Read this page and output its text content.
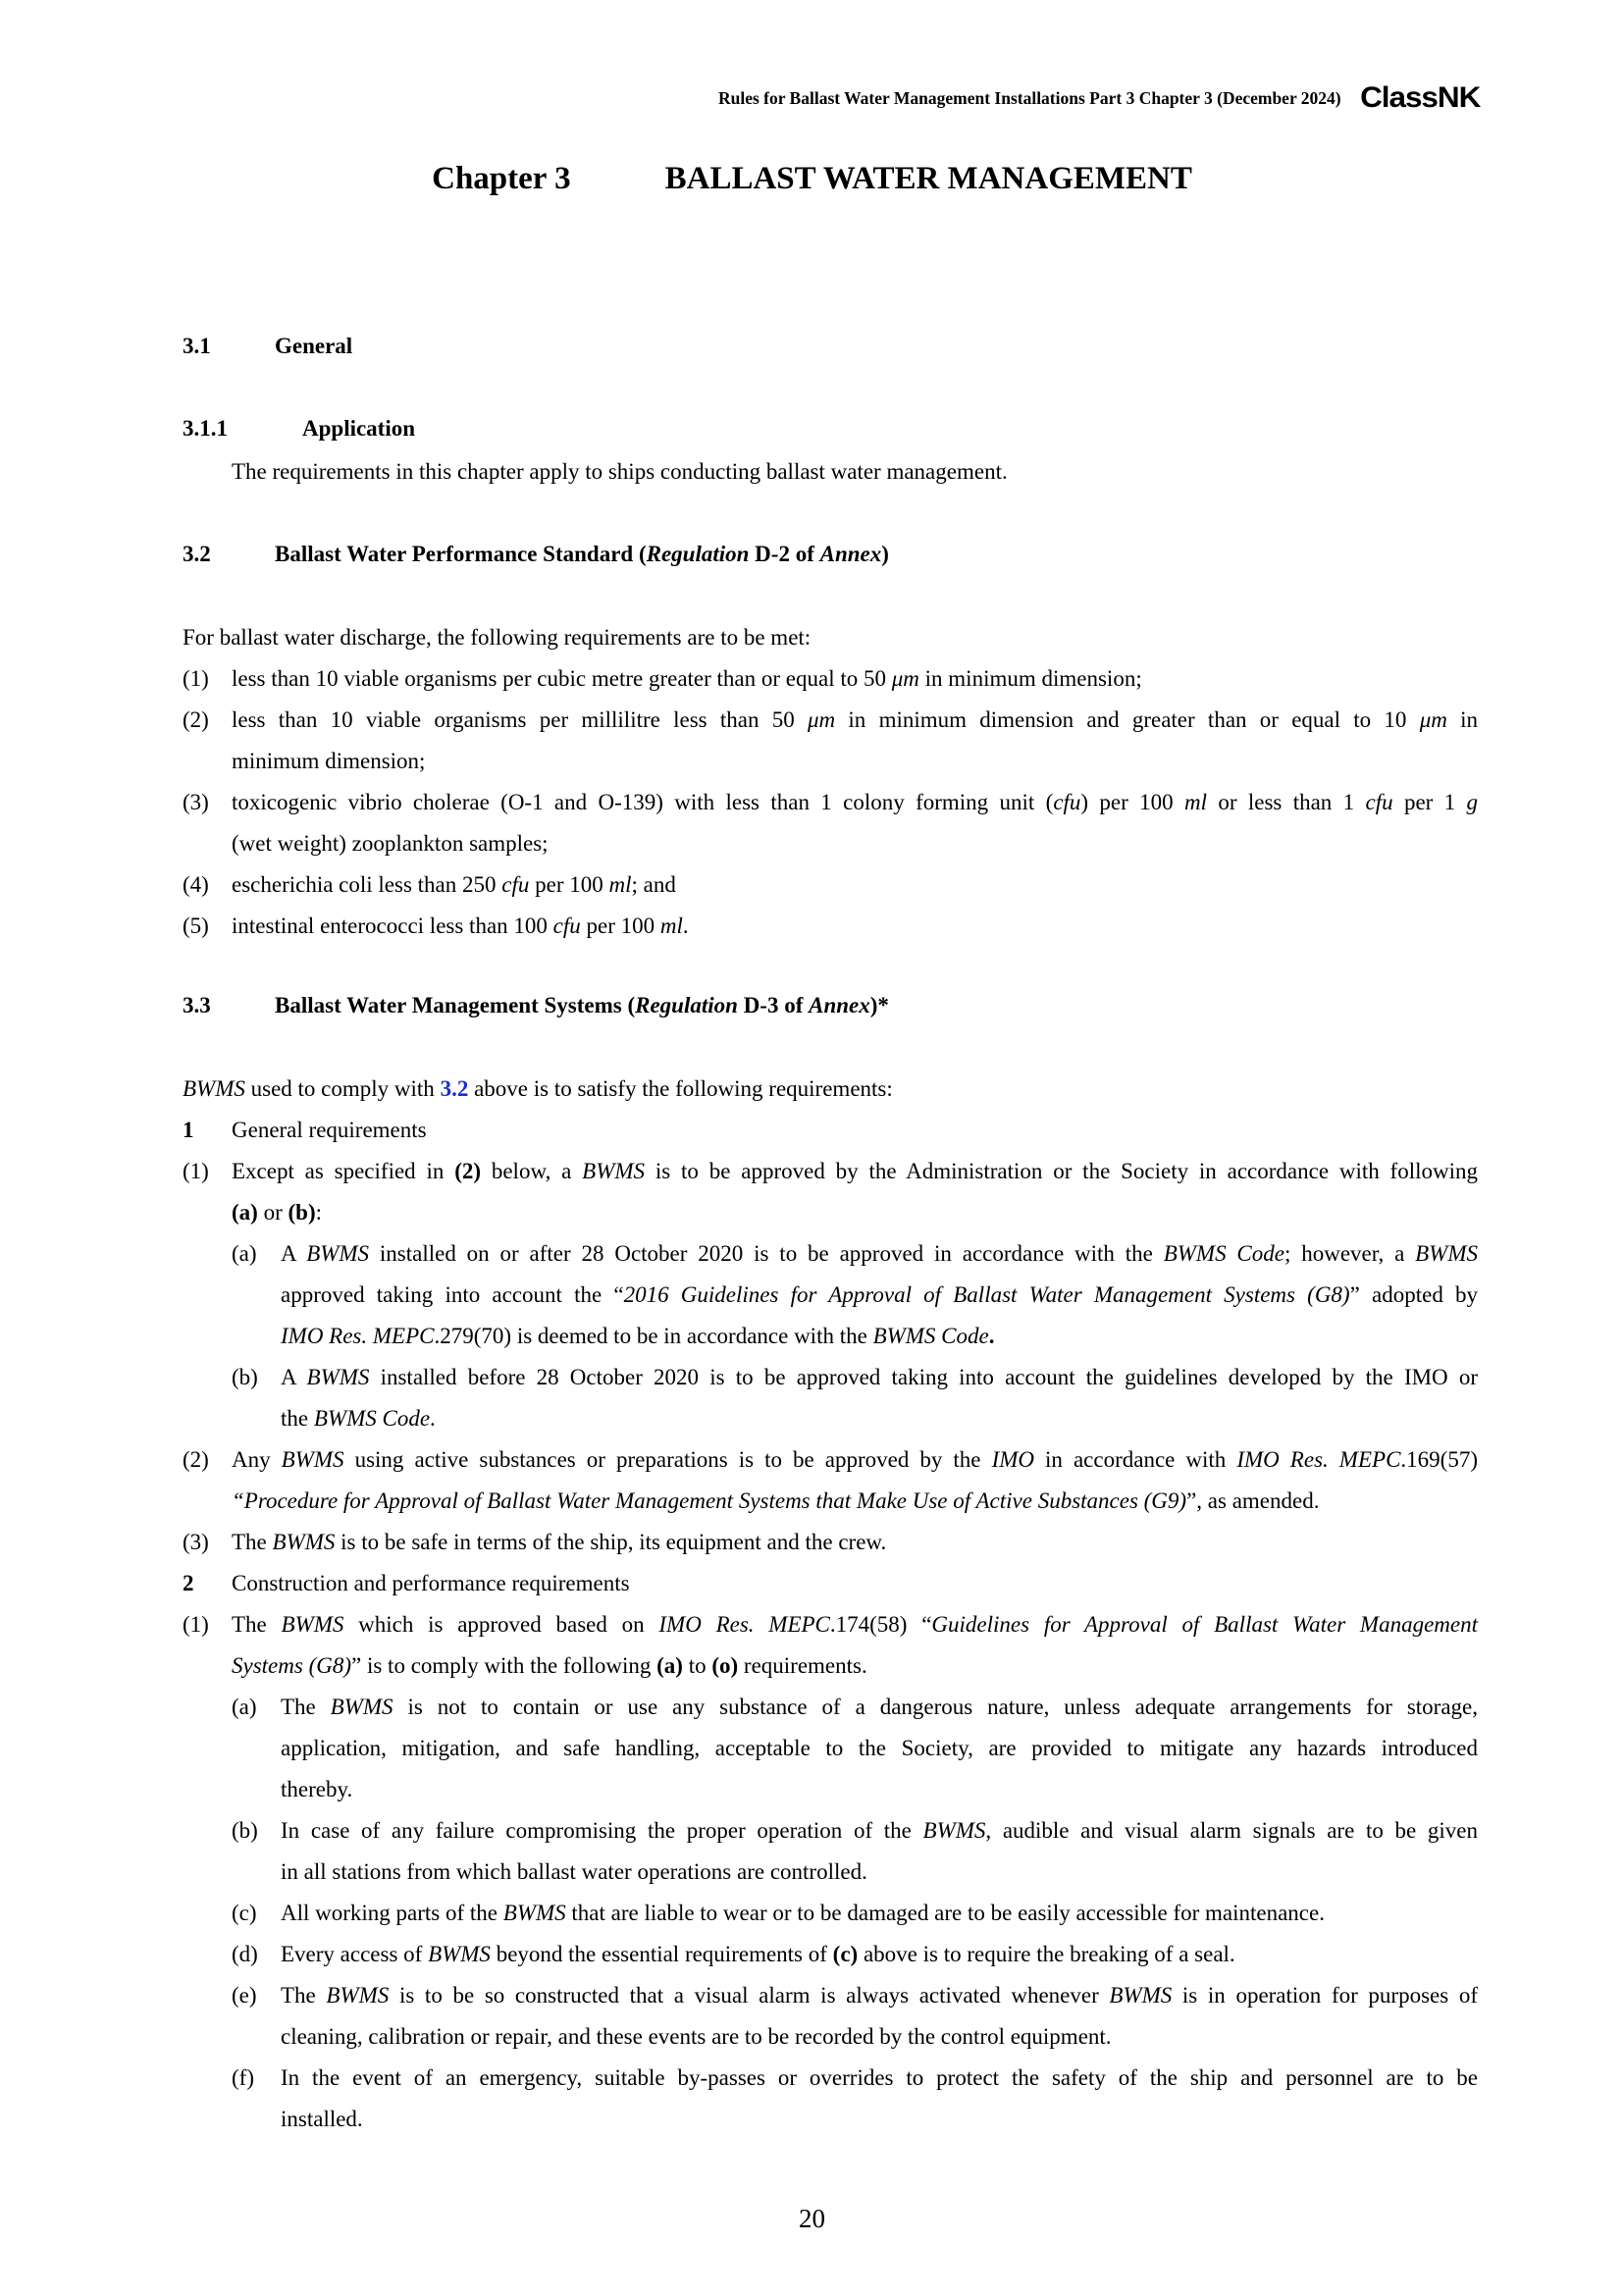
Rules for Ballast Water Management Installations Part 3 Chapter 3 (December 2024) ClassNK
Chapter 3	BALLAST WATER MANAGEMENT
3.1	General
3.1.1	Application
The requirements in this chapter apply to ships conducting ballast water management.
3.2	Ballast Water Performance Standard (Regulation D-2 of Annex)
For ballast water discharge, the following requirements are to be met:
(1) less than 10 viable organisms per cubic metre greater than or equal to 50 μm in minimum dimension;
(2) less than 10 viable organisms per millilitre less than 50 μm in minimum dimension and greater than or equal to 10 μm in
minimum dimension;
(3) toxicogenic vibrio cholerae (O-1 and O-139) with less than 1 colony forming unit (cfu) per 100 ml or less than 1 cfu per 1 g
(wet weight) zooplankton samples;
(4) escherichia coli less than 250 cfu per 100 ml; and
(5) intestinal enterococci less than 100 cfu per 100 ml.
3.3	Ballast Water Management Systems (Regulation D-3 of Annex)*
BWMS used to comply with 3.2 above is to satisfy the following requirements:
1 General requirements
(1) Except as specified in (2) below, a BWMS is to be approved by the Administration or the Society in accordance with following
(a) or (b):
(a) A BWMS installed on or after 28 October 2020 is to be approved in accordance with the BWMS Code; however, a BWMS
approved taking into account the “2016 Guidelines for Approval of Ballast Water Management Systems (G8)” adopted by
IMO Res. MEPC.279(70) is deemed to be in accordance with the BWMS Code.
(b) A BWMS installed before 28 October 2020 is to be approved taking into account the guidelines developed by the IMO or
the BWMS Code.
(2) Any BWMS using active substances or preparations is to be approved by the IMO in accordance with IMO Res. MEPC.169(57)
“Procedure for Approval of Ballast Water Management Systems that Make Use of Active Substances (G9)”, as amended.
(3) The BWMS is to be safe in terms of the ship, its equipment and the crew.
2 Construction and performance requirements
(1) The BWMS which is approved based on IMO Res. MEPC.174(58) “Guidelines for Approval of Ballast Water Management
Systems (G8)” is to comply with the following (a) to (o) requirements.
(a) The BWMS is not to contain or use any substance of a dangerous nature, unless adequate arrangements for storage,
application, mitigation, and safe handling, acceptable to the Society, are provided to mitigate any hazards introduced
thereby.
(b) In case of any failure compromising the proper operation of the BWMS, audible and visual alarm signals are to be given
in all stations from which ballast water operations are controlled.
(c) All working parts of the BWMS that are liable to wear or to be damaged are to be easily accessible for maintenance.
(d) Every access of BWMS beyond the essential requirements of (c) above is to require the breaking of a seal.
(e) The BWMS is to be so constructed that a visual alarm is always activated whenever BWMS is in operation for purposes of
cleaning, calibration or repair, and these events are to be recorded by the control equipment.
(f) In the event of an emergency, suitable by-passes or overrides to protect the safety of the ship and personnel are to be
installed.
20
